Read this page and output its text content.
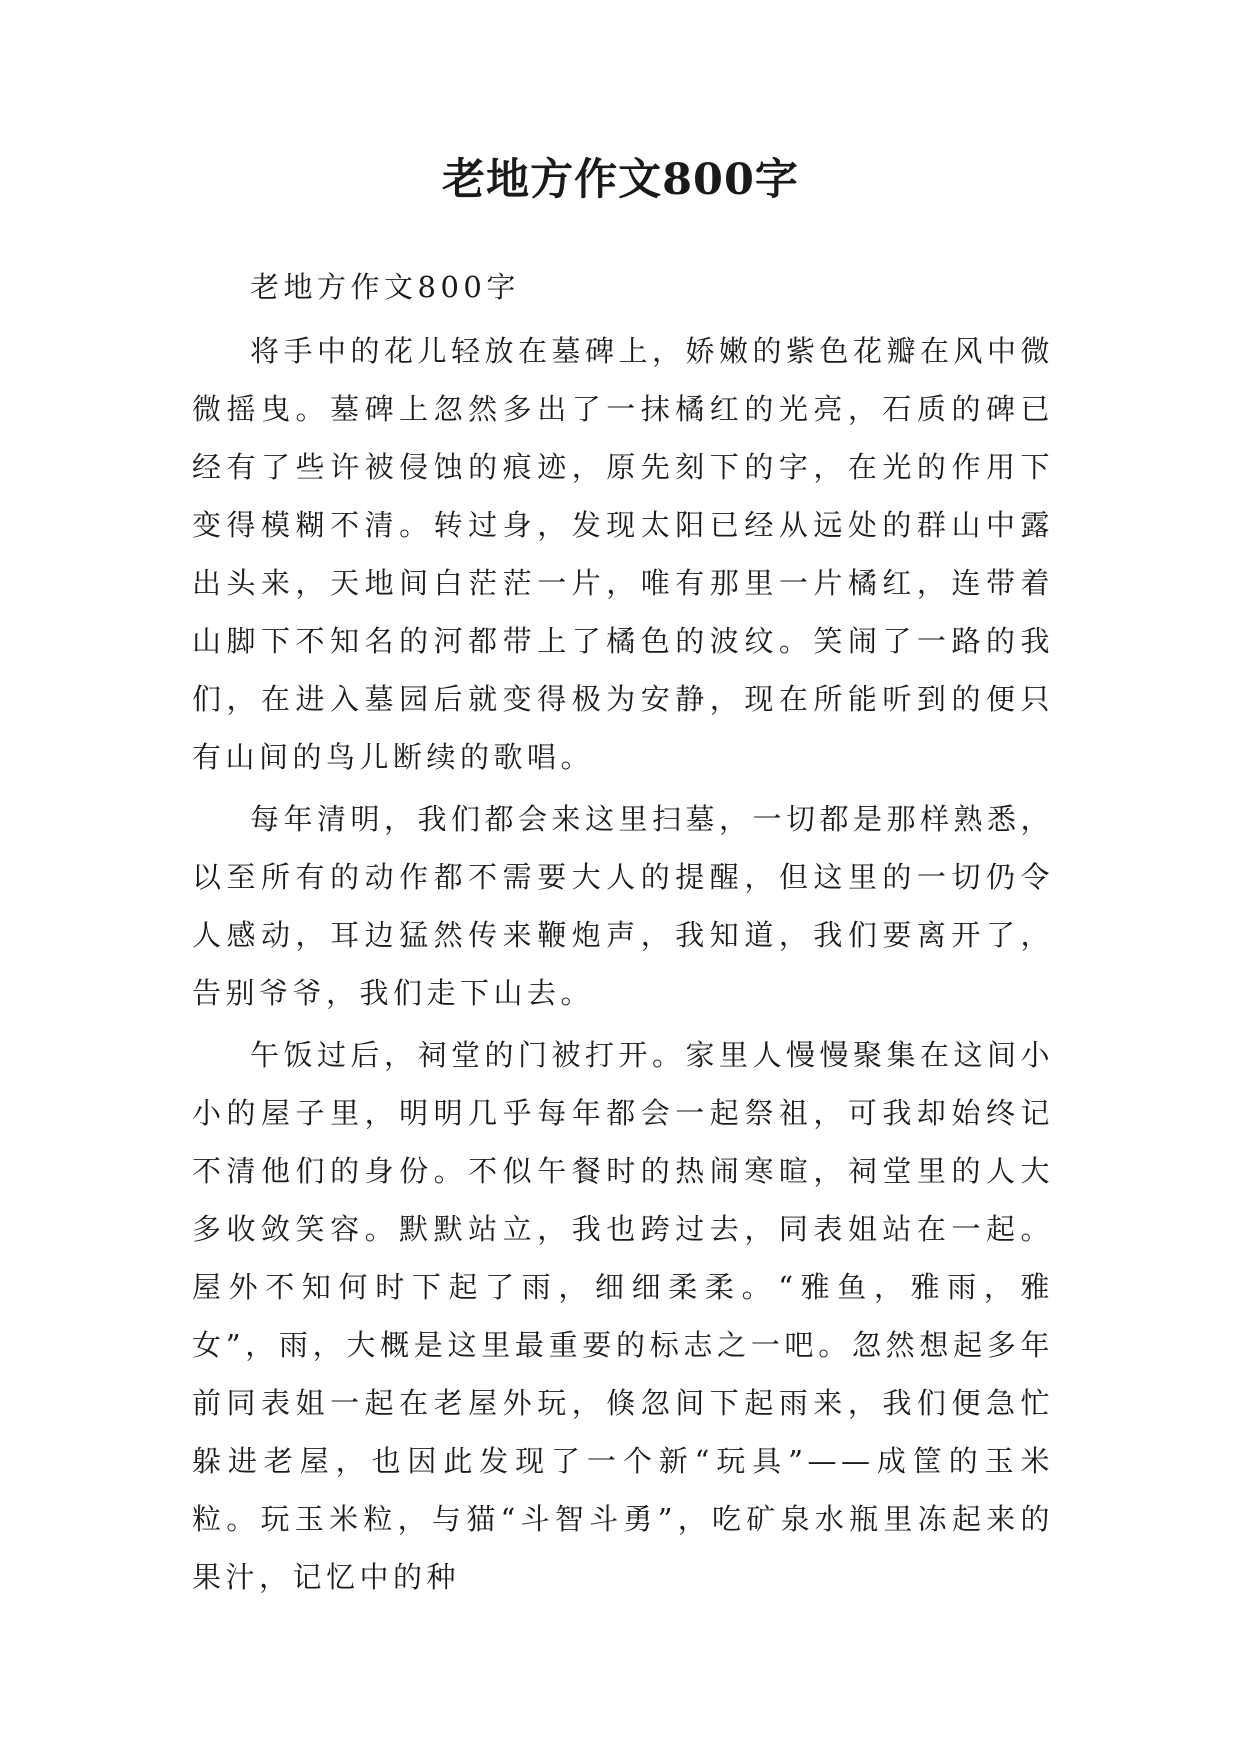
老地方作文800字

老地方作文800字

将手中的花儿轻放在墓碑上，娇嫩的紫色花瓣在风中微微摇曳。墓碑上忽然多出了一抹橘红的光亮，石质的碑已经有了些许被侵蚀的痕迹，原先刻下的字，在光的作用下变得模糊不清。转过身，发现太阳已经从远处的群山中露出头来，天地间白茫茫一片，唯有那里一片橘红，连带着山脚下不知名的河都带上了橘色的波纹。笑闹了一路的我们，在进入墓园后就变得极为安静，现在所能听到的便只有山间的鸟儿断续的歌唱。

每年清明，我们都会来这里扫墓，一切都是那样熟悉，以至所有的动作都不需要大人的提醒，但这里的一切仍令人感动，耳边猛然传来鞭炮声，我知道，我们要离开了，告别爷爷，我们走下山去。

午饭过后，祠堂的门被打开。家里人慢慢聚集在这间小小的屋子里，明明几乎每年都会一起祭祖，可我却始终记不清他们的身份。不似午餐时的热闹寒暄，祠堂里的人大多收敛笑容。默默站立，我也跨过去，同表姐站在一起。屋外不知何时下起了雨，细细柔柔。“雅鱼，雅雨，雅女”，雨，大概是这里最重要的标志之一吧。忽然想起多年前同表姐一起在老屋外玩，倏忽间下起雨来，我们便急忙躲进老屋，也因此发现了一个新“玩具”——成筐的玉米粒。玩玉米粒，与猫“斗智斗勇”，吃矿泉水瓶里冻起来的果汁，记忆中的种
